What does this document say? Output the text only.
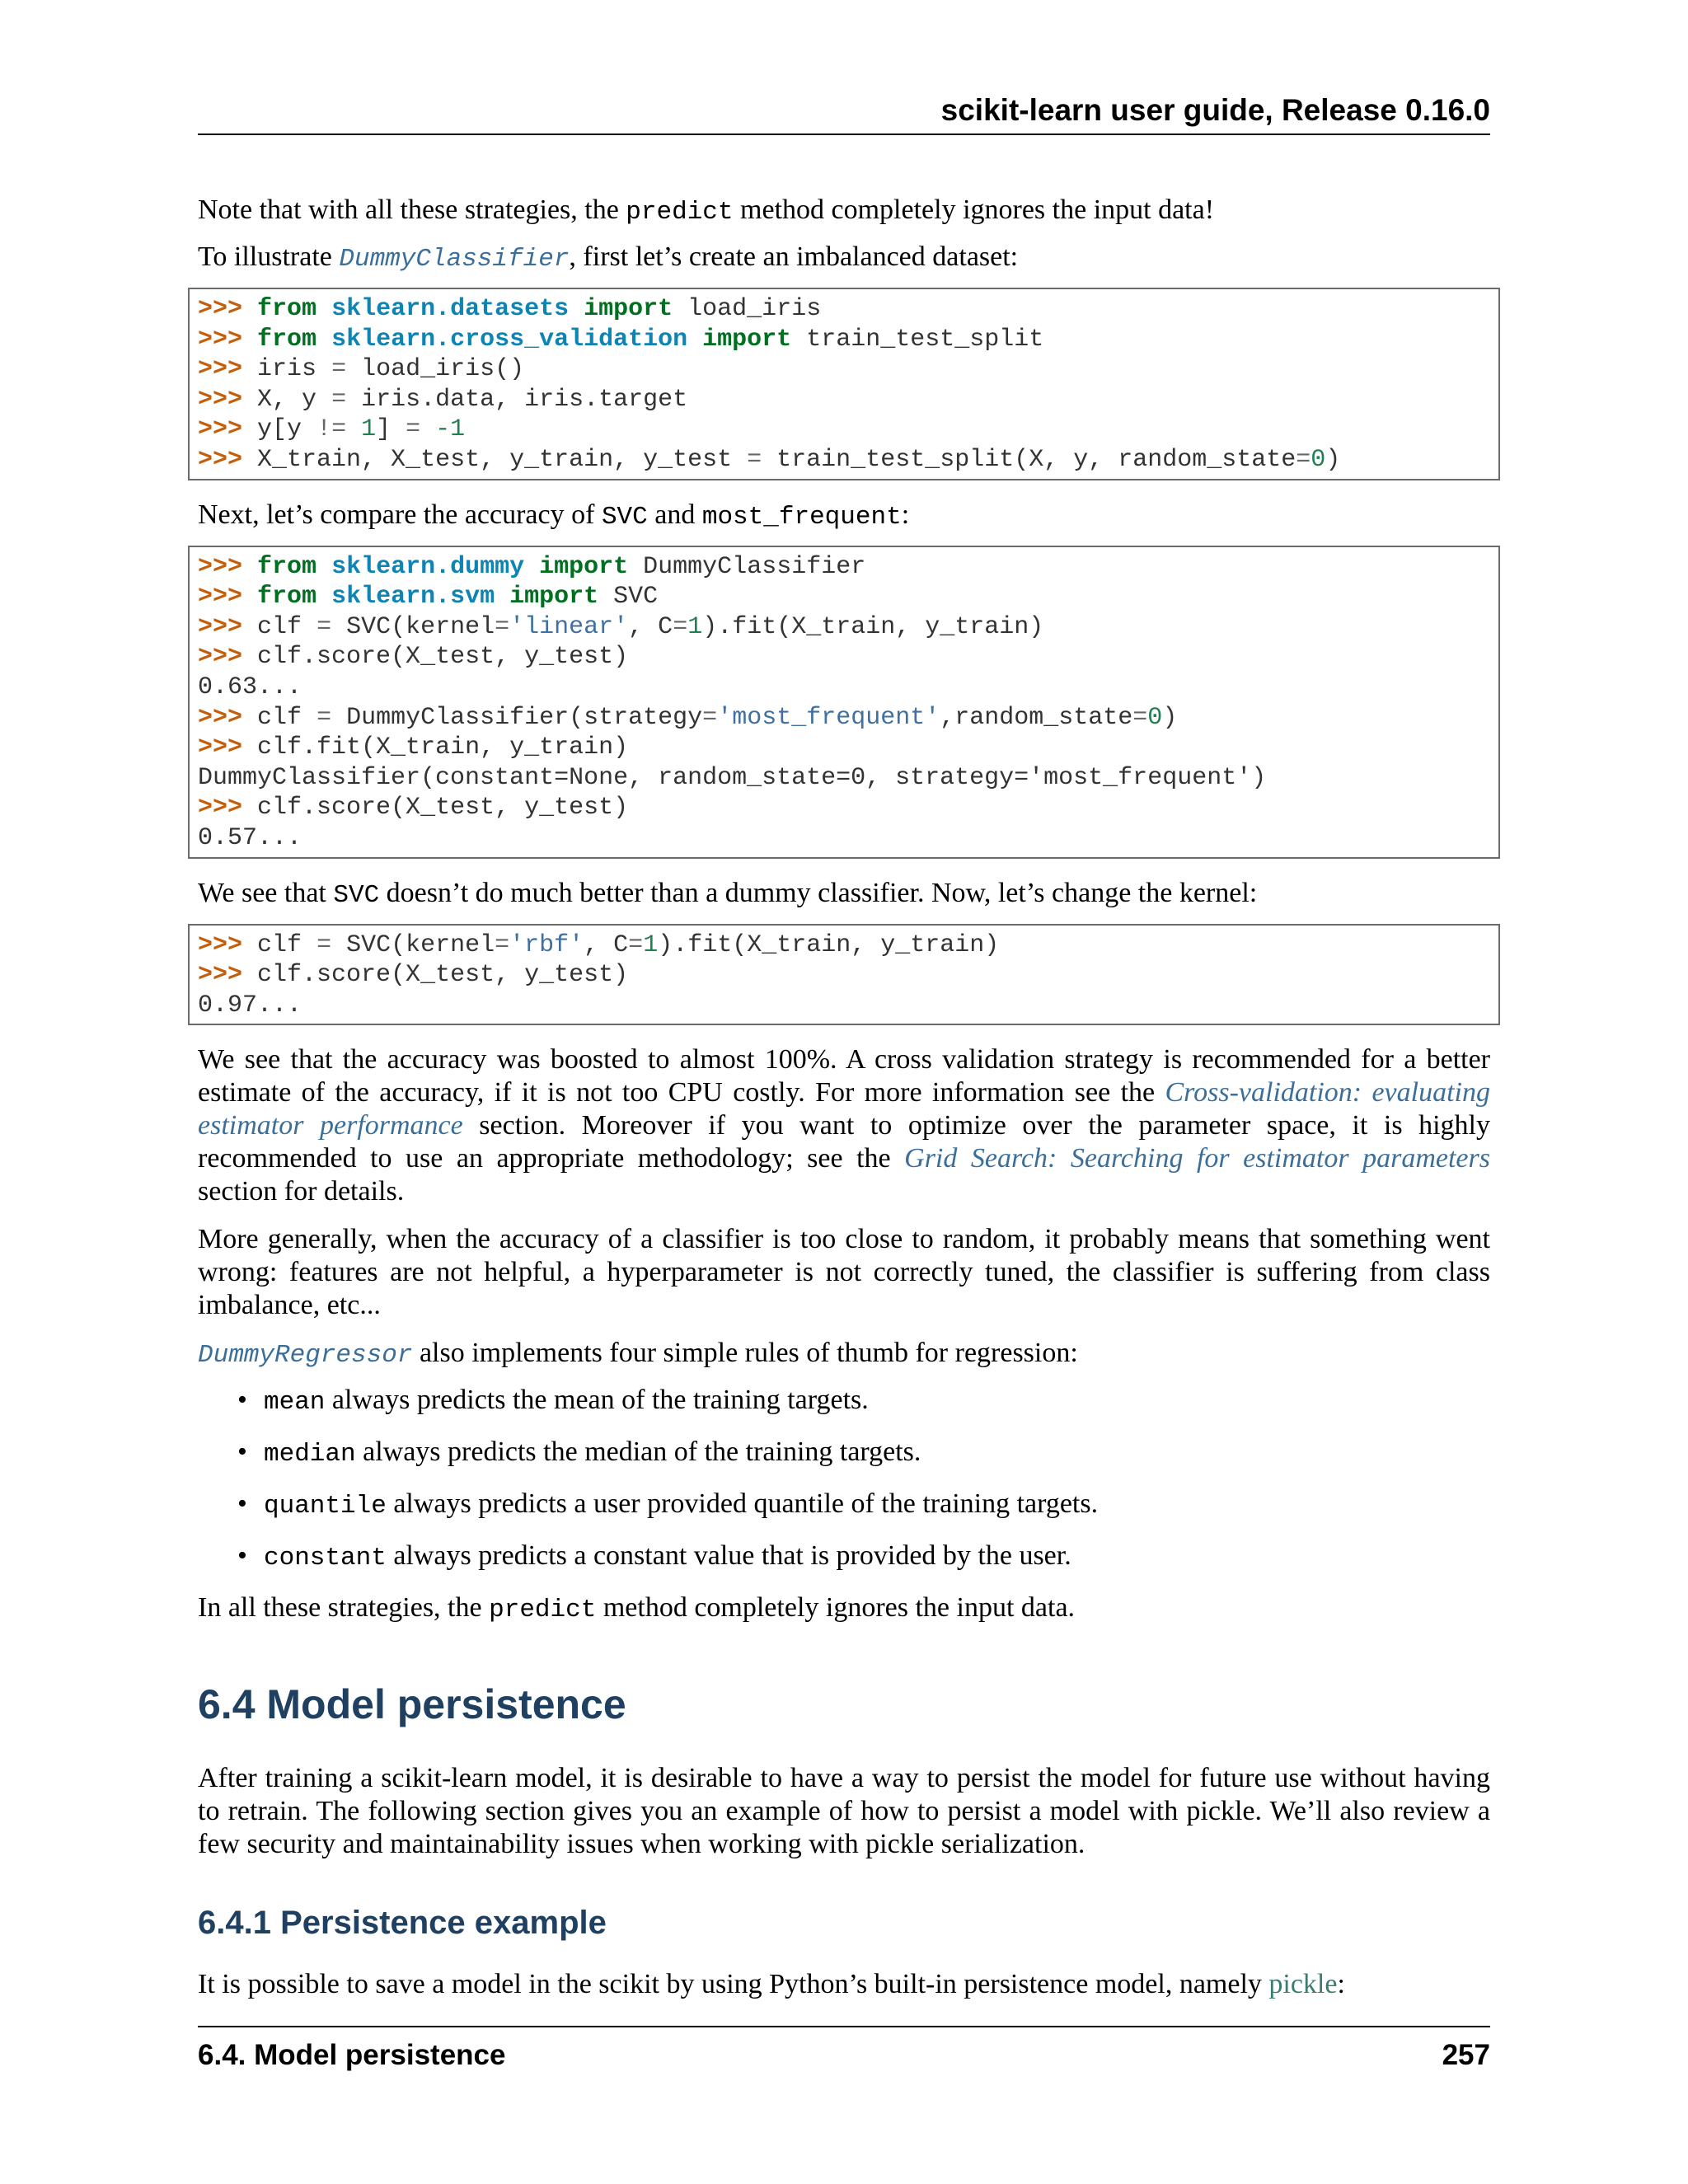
scikit-learn user guide, Release 0.16.0

Note that with all these strategies, the predict method completely ignores the input data!

To illustrate DummyClassifier, first let’s create an imbalanced dataset:

>>> from sklearn.datasets import load_iris
>>> from sklearn.cross_validation import train_test_split
>>> iris = load_iris()
>>> X, y = iris.data, iris.target
>>> y[y != 1] = -1
>>> X_train, X_test, y_train, y_test = train_test_split(X, y, random_state=0)

Next, let’s compare the accuracy of SVC and most_frequent:

>>> from sklearn.dummy import DummyClassifier
>>> from sklearn.svm import SVC
>>> clf = SVC(kernel='linear', C=1).fit(X_train, y_train)
>>> clf.score(X_test, y_test)
0.63...
>>> clf = DummyClassifier(strategy='most_frequent',random_state=0)
>>> clf.fit(X_train, y_train)
DummyClassifier(constant=None, random_state=0, strategy='most_frequent')
>>> clf.score(X_test, y_test)
0.57...

We see that SVC doesn’t do much better than a dummy classifier. Now, let’s change the kernel:

>>> clf = SVC(kernel='rbf', C=1).fit(X_train, y_train)
>>> clf.score(X_test, y_test)
0.97...

We see that the accuracy was boosted to almost 100%. A cross validation strategy is recommended for a better estimate of the accuracy, if it is not too CPU costly. For more information see the Cross-validation: evaluating estimator performance section. Moreover if you want to optimize over the parameter space, it is highly recommended to use an appropriate methodology; see the Grid Search: Searching for estimator parameters section for details.

More generally, when the accuracy of a classifier is too close to random, it probably means that something went wrong: features are not helpful, a hyperparameter is not correctly tuned, the classifier is suffering from class imbalance, etc...

DummyRegressor also implements four simple rules of thumb for regression:

• mean always predicts the mean of the training targets.
• median always predicts the median of the training targets.
• quantile always predicts a user provided quantile of the training targets.
• constant always predicts a constant value that is provided by the user.

In all these strategies, the predict method completely ignores the input data.

6.4 Model persistence

After training a scikit-learn model, it is desirable to have a way to persist the model for future use without having to retrain. The following section gives you an example of how to persist a model with pickle. We’ll also review a few security and maintainability issues when working with pickle serialization.

6.4.1 Persistence example

It is possible to save a model in the scikit by using Python’s built-in persistence model, namely pickle:

6.4. Model persistence	257
